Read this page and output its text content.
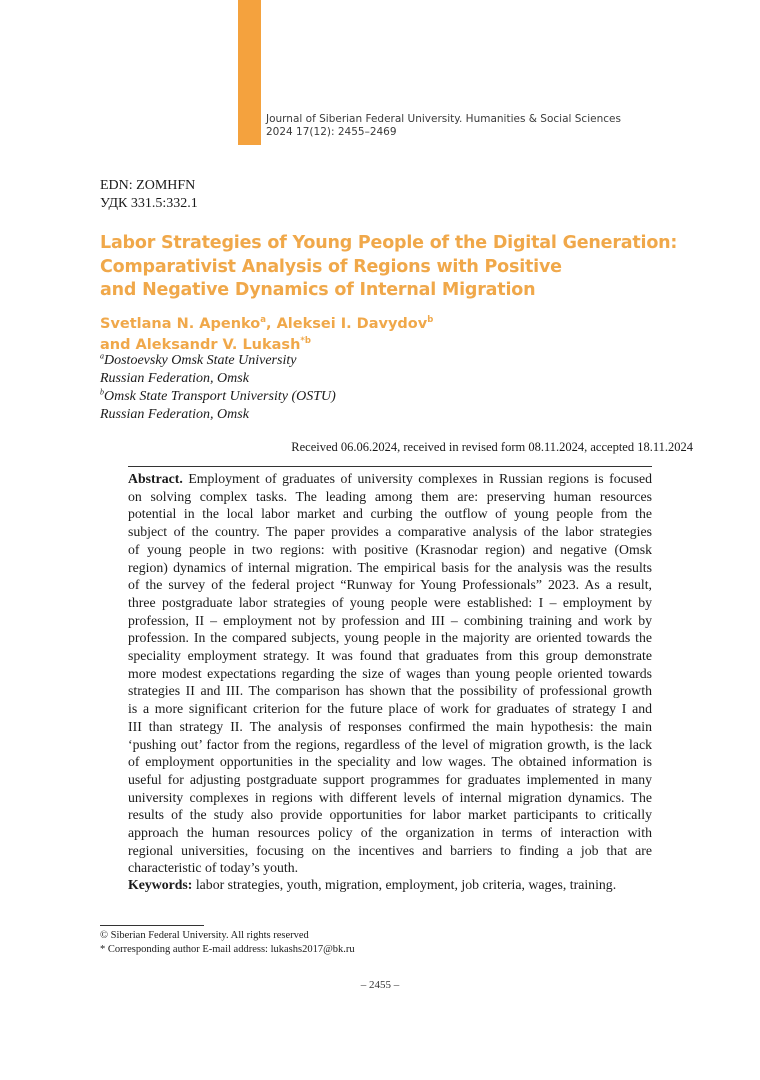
Journal of Siberian Federal University. Humanities & Social Sciences
2024 17(12): 2455–2469
EDN: ZOMHFN
УДК 331.5:332.1
Labor Strategies of Young People of the Digital Generation:
Comparativist Analysis of Regions with Positive
and Negative Dynamics of Internal Migration
Svetlana N. Apenko$^a$, Aleksei I. Davydov$^b$
and Aleksandr V. Lukash$^{*b}$
$^a$Dostoevsky Omsk State University
Russian Federation, Omsk
$^b$Omsk State Transport University (OSTU)
Russian Federation, Omsk
Received 06.06.2024, received in revised form 08.11.2024, accepted 18.11.2024
Abstract. Employment of graduates of university complexes in Russian regions is focused
on solving complex tasks. The leading among them are: preserving human resources
potential in the local labor market and curbing the outflow of young people from the
subject of the country. The paper provides a comparative analysis of the labor strategies
of young people in two regions: with positive (Krasnodar region) and negative (Omsk
region) dynamics of internal migration. The empirical basis for the analysis was the results
of the survey of the federal project “Runway for Young Professionals” 2023. As a result,
three postgraduate labor strategies of young people were established: I – employment by
profession, II – employment not by profession and III – combining training and work by
profession. In the compared subjects, young people in the majority are oriented towards the
speciality employment strategy. It was found that graduates from this group demonstrate
more modest expectations regarding the size of wages than young people oriented towards
strategies II and III. The comparison has shown that the possibility of professional growth
is a more significant criterion for the future place of work for graduates of strategy I and
III than strategy II. The analysis of responses confirmed the main hypothesis: the main
‘pushing out’ factor from the regions, regardless of the level of migration growth, is the lack
of employment opportunities in the speciality and low wages. The obtained information is
useful for adjusting postgraduate support programmes for graduates implemented in many
university complexes in regions with different levels of internal migration dynamics. The
results of the study also provide opportunities for labor market participants to critically
approach the human resources policy of the organization in terms of interaction with
regional universities, focusing on the incentives and barriers to finding a job that are
characteristic of today’s youth.
Keywords: labor strategies, youth, migration, employment, job criteria, wages, training.
© Siberian Federal University. All rights reserved
* Corresponding author E-mail address: lukashs2017@bk.ru
– 2455 –
